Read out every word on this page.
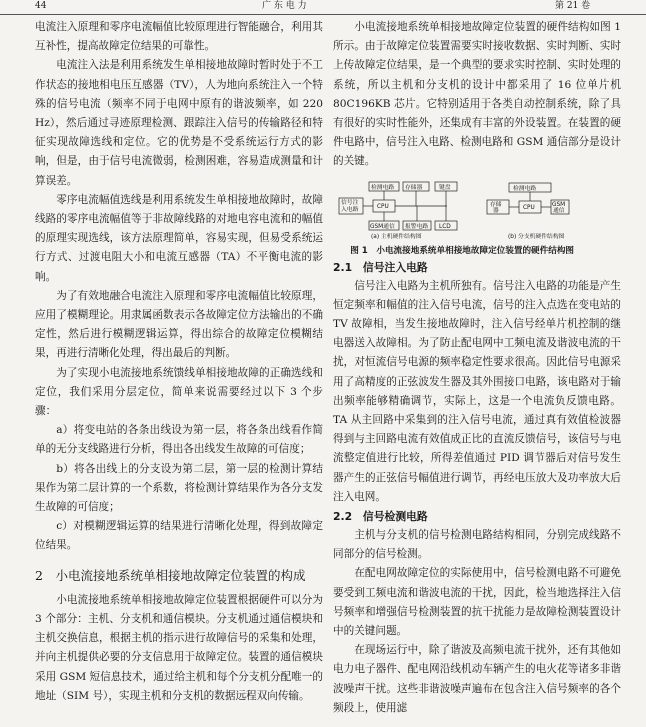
44	广 东 电 力	第 21 卷

电流注入原理和零序电流幅值比较原理进行智能融合，利用其互补性，提高故障定位结果的可靠性。

电流注入法是利用系统发生单相接地故障时暂时处于不工作状态的接地相电压互感器（TV），人为地向系统注入一个特殊的信号电流（频率不同于电网中原有的谐波频率，如 220 Hz），然后通过寻迹原理检测、跟踪注入信号的传输路径和特征实现故障选线和定位。它的优势是不受系统运行方式的影响，但是，由于信号电流微弱，检测困难，容易造成测量和计算误差。

零序电流幅值选线是利用系统发生单相接地故障时，故障线路的零序电流幅值等于非故障线路的对地电容电流和的幅值的原理实现选线，该方法原理简单，容易实现，但易受系统运行方式、过渡电阻大小和电流互感器（TA）不平衡电流的影响。

为了有效地融合电流注入原理和零序电流幅值比较原理，应用了模糊理论。用隶属函数表示各故障定位方法输出的不确定性，然后进行模糊逻辑运算，得出综合的故障定位模糊结果，再进行清晰化处理，得出最后的判断。

为了实现小电流接地系统馈线单相接地故障的正确选线和定位，我们采用分层定位，简单来说需要经过以下 3 个步骤：

a）将变电站的各条出线设为第一层，将各条出线看作简单的无分支线路进行分析，得出各出线发生故障的可信度；

b）将各出线上的分支设为第二层，第一层的检测计算结果作为第二层计算的一个系数，将检测计算结果作为各分支发生故障的可信度；

c）对模糊逻辑运算的结果进行清晰化处理，得到故障定位结果。

2　小电流接地系统单相接地故障定位装置的构成

小电流接地系统单相接地故障定位装置根据硬件可以分为 3 个部分：主机、分支机和通信模块。分支机通过通信模块和主机交换信息，根据主机的指示进行故障信号的采集和处理，并向主机提供必要的分支信息用于故障定位。装置的通信模块采用 GSM 短信息技术，通过给主机和每个分支机分配唯一的地址（SIM 号），实现主机和分支机的数据远程双向传输。

小电流接地系统单相接地故障定位装置的硬件结构如图 1 所示。由于故障定位装置需要实时接收数据、实时判断、实时上传故障定位结果，是一个典型的要求实时控制、实时处理的系统，所以主机和分支机的设计中都采用了 16 位单片机 80C196KB 芯片。它特别适用于各类自动控制系统，除了具有很好的实时性能外，还集成有丰富的外设装置。在装置的硬件电路中，信号注入电路、检测电路和 GSM 通信部分是设计的关键。

信号注
入电路
检测电路 存储器	键盘
CPU
GSM通信 报警电路 LCD
检测电路
存储
器	CPU	GSM
通信
(a) 主机硬件结构图	(b) 分支机硬件结构图

图 1　小电流接地系统单相接地故障定位装置的硬件结构图

2.1　信号注入电路

信号注入电路为主机所独有。信号注入电路的功能是产生恒定频率和幅值的注入信号电流，信号的注入点选在变电站的 TV 故障相，当发生接地故障时，注入信号经单片机控制的继电器送入故障相。为了防止配电网中工频电流及谐波电流的干扰，对恒流信号电源的频率稳定性要求很高。因此信号电源采用了高精度的正弦波发生器及其外围接口电路，该电路对于输出频率能够精确调节，实际上，这是一个电流负反馈电路。TA 从主回路中采集到的注入信号电流，通过真有效值检波器得到与主回路电流有效值成正比的直流反馈信号，该信号与电流整定值进行比较，所得差值通过 PID 调节器后对信号发生器产生的正弦信号幅值进行调节，再经电压放大及功率放大后注入电网。

2.2　信号检测电路

主机与分支机的信号检测电路结构相同，分别完成线路不同部分的信号检测。

在配电网故障定位的实际使用中，信号检测电路不可避免要受到工频电流和谐波电流的干扰，因此，检当地选择注入信号频率和增强信号检测装置的抗干扰能力是故障检测装置设计中的关键问题。

在现场运行中，除了谐波及高频电流干扰外，还有其他如电力电子器件、配电网沿线机动车辆产生的电火花等诸多非谐波噪声干扰。这些非谐波噪声遍布在包含注入信号频率的各个频段上，使用滤
